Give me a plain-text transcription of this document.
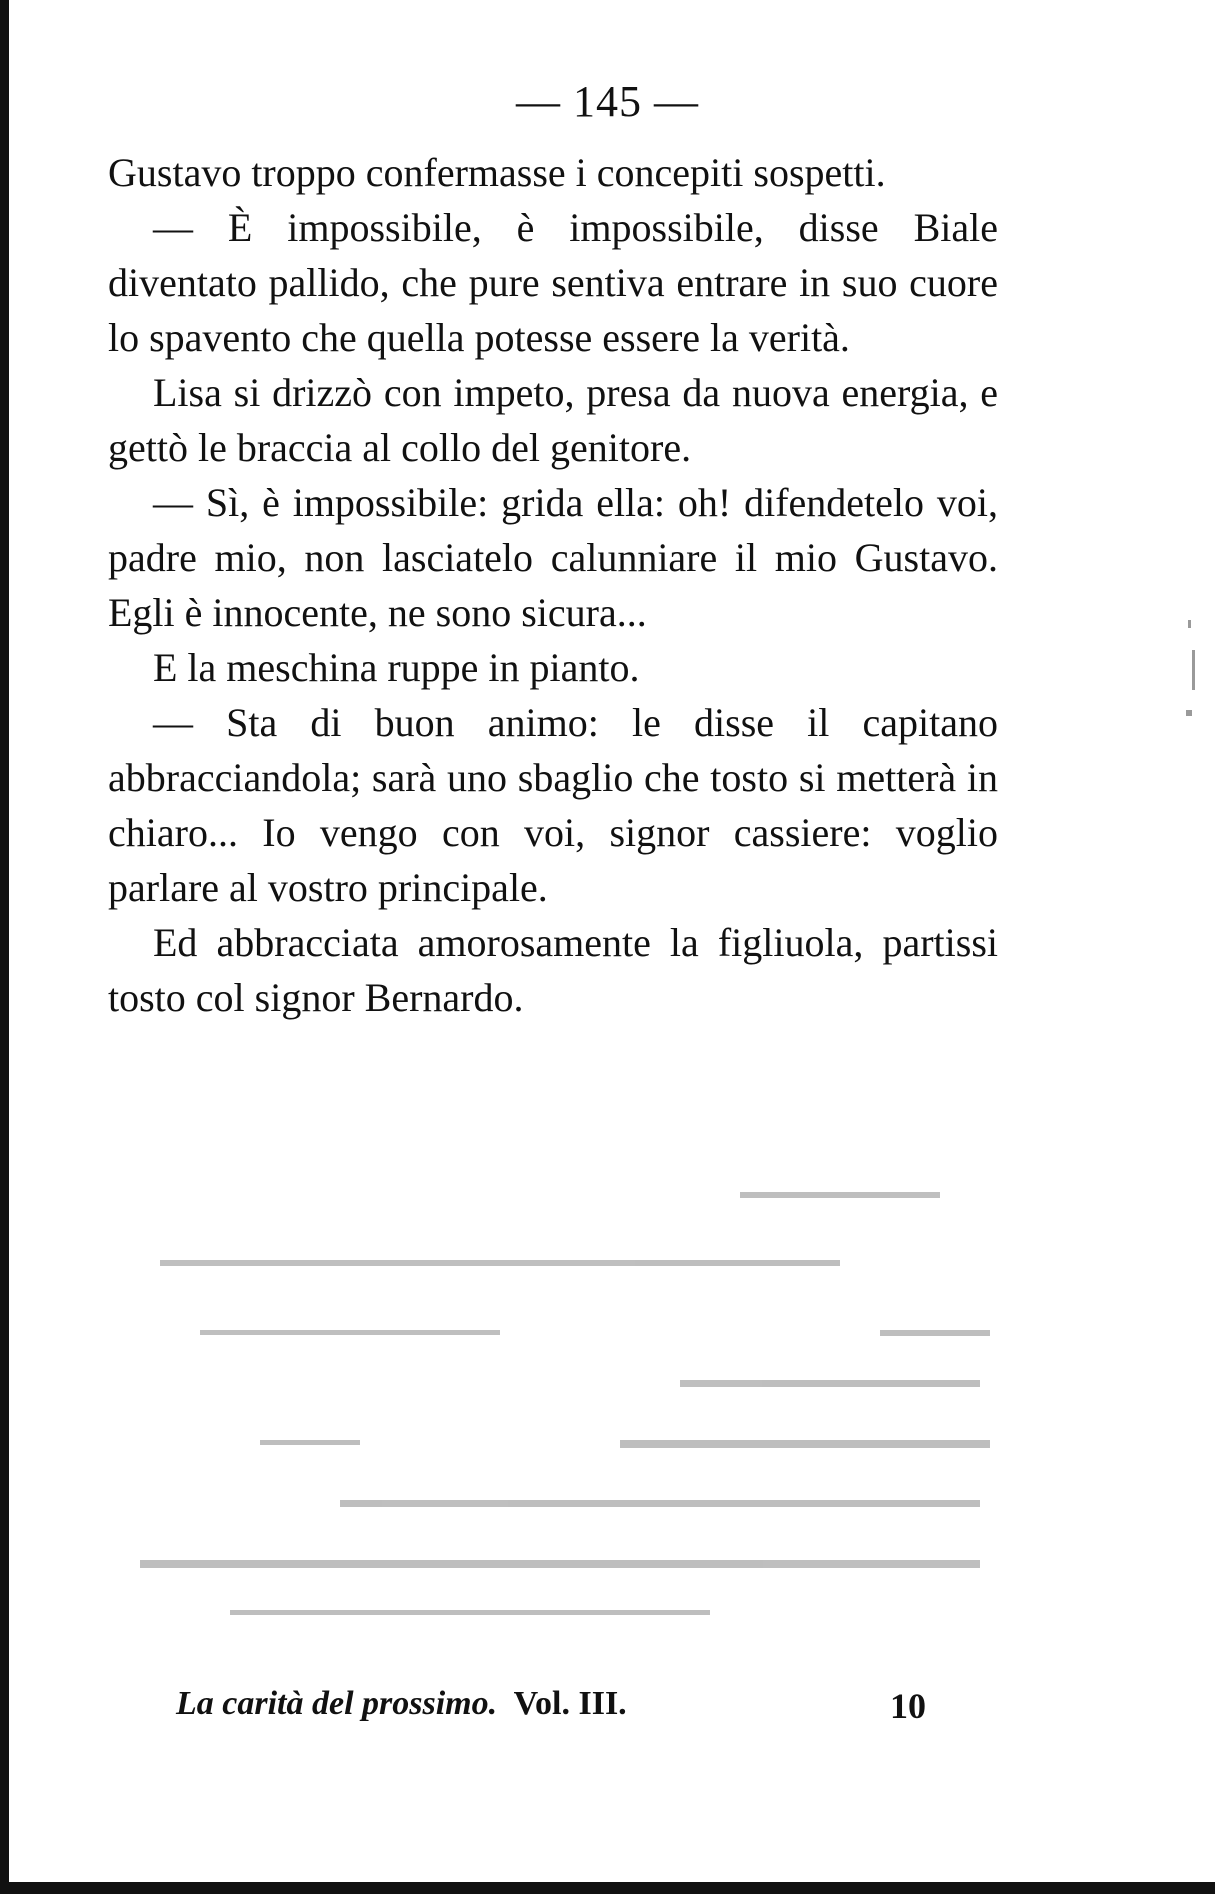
— 145 —

Gustavo troppo confermasse i concepiti sospetti.

— È impossibile, è impossibile, disse Biale diventato pallido, che pure sentiva entrare in suo cuore lo spavento che quella potesse essere la verità.

Lisa si drizzò con impeto, presa da nuova energia, e gettò le braccia al collo del genitore.

— Sì, è impossibile: grida ella: oh! difendetelo voi, padre mio, non lasciatelo calunniare il mio Gustavo. Egli è innocente, ne sono sicura...

E la meschina ruppe in pianto.

— Sta di buon animo: le disse il capitano abbracciandola; sarà uno sbaglio che tosto si metterà in chiaro... Io vengo con voi, signor cassiere: voglio parlare al vostro principale.

Ed abbracciata amorosamente la figliuola, partissi tosto col signor Bernardo.

La carità del prossimo. Vol. III.	10
